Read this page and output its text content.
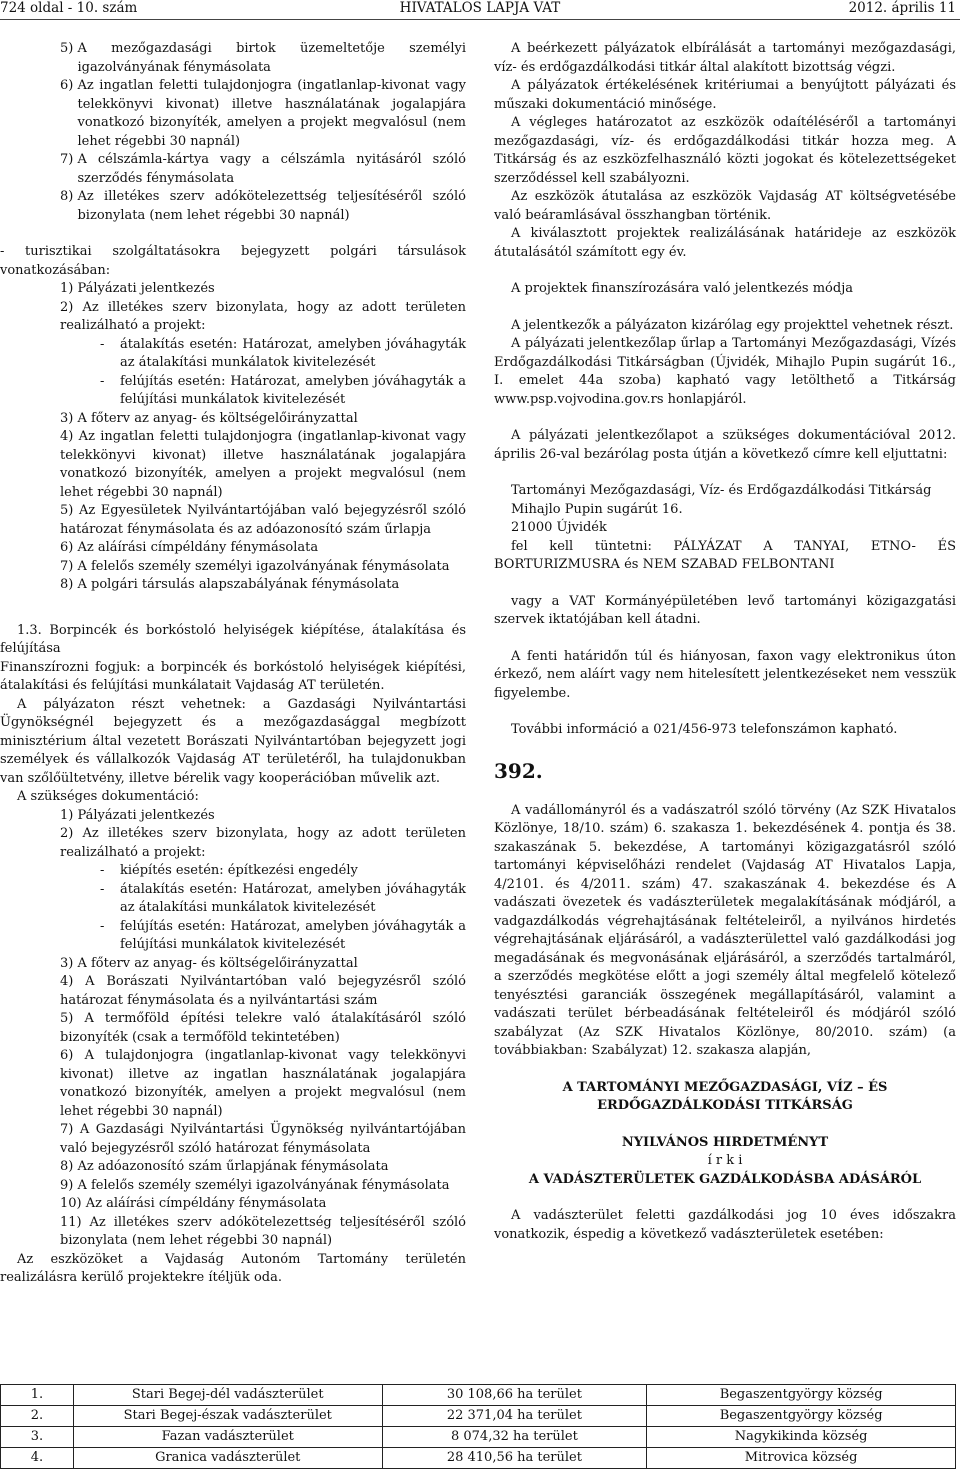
724 oldal - 10. szám	HIVATALOS LAPJA VAT	2012. április 11
5) A mezőgazdasági birtok üzemeltetője személyi igazolványának fénymásolata
6) Az ingatlan feletti tulajdonjogra (ingatlanlap-kivonat vagy telekkönyvi kivonat) illetve használatának jogalapjára vonatkozó bizonyíték, amelyen a projekt megvalósul (nem lehet régebbi 30 napnál)
7) A célszámla-kártya vagy a célszámla nyitásáról szóló szerződés fénymásolata
8) Az illetékes szerv adókötelezettség teljesítéséről szóló bizonylata (nem lehet régebbi 30 napnál)

- turisztikai szolgáltatásokra bejegyzett polgári társulások vonatkozásában:

1) Pályázati jelentkezés

2) Az illetékes szerv bizonylata, hogy az adott területen realizálható a projekt:

-	átalakítás esetén: Határozat, amelyben jóváhagyták az átalakítási munkálatok kivitelezését
-	felújítás esetén: Határozat, amelyben jóváhagyták a felújítási munkálatok kivitelezését

3) A főterv az anyag- és költségelőirányzattal

4) Az ingatlan feletti tulajdonjogra (ingatlanlap-kivonat vagy telekkönyvi kivonat) illetve használatának jogalapjára vonatkozó bizonyíték, amelyen a projekt megvalósul (nem lehet régebbi 30 napnál)

5) Az Egyesületek Nyilvántartójában való bejegyzésről szóló határozat fénymásolata és az adóazonosító szám űrlapja

6) Az aláírási címpéldány fénymásolata

7) A felelős személy személyi igazolványának fénymásolata

8) A polgári társulás alapszabályának fénymásolata

1.3. Borpincék és borkóstoló helyiségek kiépítése, átalakítása és felújítása

Finanszírozni fogjuk: a borpincék és borkóstoló helyiségek kiépítési, átalakítási és felújítási munkálatait Vajdaság AT területén.

A pályázaton részt vehetnek: a Gazdasági Nyilvántartási Ügynökségnél bejegyzett és a mezőgazdasággal megbízott minisztérium által vezetett Borászati Nyilvántartóban bejegyzett jogi személyek és vállalkozók Vajdaság AT területéről, ha tulajdonukban van szőlőültetvény, illetve bérelik vagy kooperációban művelik azt.

A szükséges dokumentáció:

1) Pályázati jelentkezés

2) Az illetékes szerv bizonylata, hogy az adott területen realizálható a projekt:

-	kiépítés esetén: építkezési engedély
-	átalakítás esetén: Határozat, amelyben jóváhagyták az átalakítási munkálatok kivitelezését
-	felújítás esetén: Határozat, amelyben jóváhagyták a felújítási munkálatok kivitelezését

3) A főterv az anyag- és költségelőirányzattal

4) A Borászati Nyilvántartóban való bejegyzésről szóló határozat fénymásolata és a nyilvántartási szám

5) A termőföld építési telekre való átalakításáról szóló bizonyíték (csak a termőföld tekintetében)

6) A tulajdonjogra (ingatlanlap-kivonat vagy telekkönyvi kivonat) illetve az ingatlan használatának jogalapjára vonatkozó bizonyíték, amelyen a projekt megvalósul (nem lehet régebbi 30 napnál)

7) A Gazdasági Nyilvántartási Ügynökség nyilvántartójában való bejegyzésről szóló határozat fénymásolata

8) Az adóazonosító szám űrlapjának fénymásolata

9) A felelős személy személyi igazolványának fénymásolata

10) Az aláírási címpéldány fénymásolata

11) Az illetékes szerv adókötelezettség teljesítéséről szóló bizonylata (nem lehet régebbi 30 napnál)

Az eszközöket a Vajdaság Autonóm Tartomány területén realizálásra kerülő projektekre ítéljük oda.

A beérkezett pályázatok elbírálását a tartományi mezőgazdasági, víz- és erdőgazdálkodási titkár által alakított bizottság végzi.

A pályázatok értékelésének kritériumai a benyújtott pályázati és műszaki dokumentáció minősége.

A végleges határozatot az eszközök odaítéléséről a tartományi mezőgazdasági, víz- és erdőgazdálkodási titkár hozza meg. A Titkárság és az eszközfelhasználó közti jogokat és kötelezettségeket szerződéssel kell szabályozni.

Az eszközök átutalása az eszközök Vajdaság AT költségvetésébe való beáramlásával összhangban történik.

A kiválasztott projektek realizálásának határideje az eszközök átutalásától számított egy év.

A projektek finanszírozására való jelentkezés módja

A jelentkezők a pályázaton kizárólag egy projekttel vehetnek részt.

A pályázati jelentkezőlap űrlap a Tartományi Mezőgazdasági, Vízés Erdőgazdálkodási Titkárságban (Újvidék, Mihajlo Pupin sugárút 16., I. emelet 44a szoba) kapható vagy letölthető a Titkárság www.psp.vojvodina.gov.rs honlapjáról.

A pályázati jelentkezőlapot a szükséges dokumentációval 2012. április 26-val bezárólag posta útján a következő címre kell eljuttatni:

Tartományi Mezőgazdasági, Víz- és Erdőgazdálkodási Titkárság

Mihajlo Pupin sugárút 16.

21000 Újvidék

fel kell tüntetni: PÁLYÁZAT A TANYAI, ETNO- ÉS BORTURIZMUSRA és NEM SZABAD FELBONTANI

vagy a VAT Kormányépületében levő tartományi közigazgatási szervek iktatójában kell átadni.

A fenti határidőn túl és hiányosan, faxon vagy elektronikus úton érkező, nem aláírt vagy nem hitelesített jelentkezéseket nem vesszük figyelembe.

További információ a 021/456-973 telefonszámon kapható.

392.

A vadállományról és a vadászatról szóló törvény (Az SZK Hivatalos Közlönye, 18/10. szám) 6. szakasza 1. bekezdésének 4. pontja és 38. szakaszának 5. bekezdése, A tartományi közigazgatásról szóló tartományi képviselőházi rendelet (Vajdaság AT Hivatalos Lapja, 4/2101. és 4/2011. szám) 47. szakaszának 4. bekezdése és A vadászati övezetek és vadászterületek megalakításának módjáról, a vadgazdálkodás végrehajtásának feltételeiről, a nyilvános hirdetés végrehajtásának eljárásáról, a vadászterülettel való gazdálkodási jog megadásának és megvonásának eljárásáról, a szerződés tartalmáról, a szerződés megkötése előtt a jogi személy által megfelelő kötelező tenyésztési garanciák összegének megállapításáról, valamint a vadászati terület bérbeadásának feltételeiről és módjáról szóló szabályzat (Az SZK Hivatalos Közlönye, 80/2010. szám) (a továbbiakban: Szabályzat) 12. szakasza alapján,

A TARTOMÁNYI MEZŐGAZDASÁGI, VÍZ – ÉS ERDŐGAZDÁLKODÁSI TITKÁRSÁG

NYILVÁNOS HIRDETMÉNYT

í r k i

A VADÁSZTERÜLETEK GAZDÁLKODÁSBA ADÁSÁRÓL

A vadászterület feletti gazdálkodási jog 10 éves időszakra vonatkozik, éspedig a következő vadászterületek esetében:

1.	Stari Begej-dél vadászterület	30 108,66 ha terület	Begaszentgyörgy község
2.	Stari Begej-észak vadászterület	22 371,04 ha terület	Begaszentgyörgy község
3.	Fazan vadászterület	8 074,32 ha terület	Nagykikinda község
4.	Granica vadászterület	28 410,56 ha terület	Mitrovica község
